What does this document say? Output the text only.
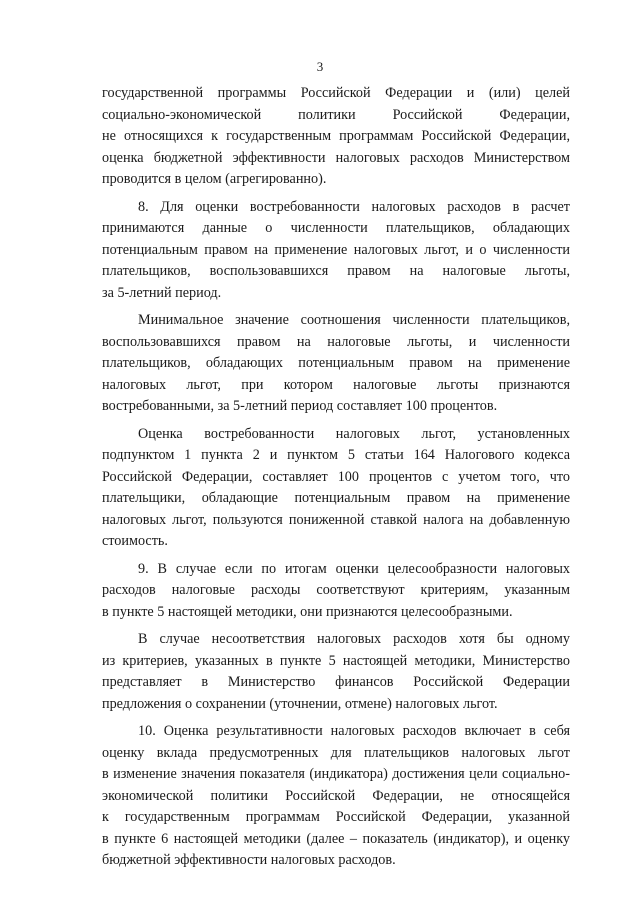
3
государственной программы Российской Федерации и (или) целей
социально-экономической политики Российской Федерации,
не относящихся к государственным программам Российской Федерации,
оценка бюджетной эффективности налоговых расходов Министерством
проводится в целом (агрегированно).
8. Для оценки востребованности налоговых расходов в расчет
принимаются данные о численности плательщиков, обладающих
потенциальным правом на применение налоговых льгот, и о численности
плательщиков, воспользовавшихся правом на налоговые льготы,
за 5-летний период.
Минимальное значение соотношения численности плательщиков,
воспользовавшихся правом на налоговые льготы, и численности
плательщиков, обладающих потенциальным правом на применение
налоговых льгот, при котором налоговые льготы признаются
востребованными, за 5-летний период составляет 100 процентов.
Оценка востребованности налоговых льгот, установленных
подпунктом 1 пункта 2 и пунктом 5 статьи 164 Налогового кодекса
Российской Федерации, составляет 100 процентов с учетом того, что
плательщики, обладающие потенциальным правом на применение
налоговых льгот, пользуются пониженной ставкой налога на добавленную
стоимость.
9. В случае если по итогам оценки целесообразности налоговых
расходов налоговые расходы соответствуют критериям, указанным
в пункте 5 настоящей методики, они признаются целесообразными.
В случае несоответствия налоговых расходов хотя бы одному
из критериев, указанных в пункте 5 настоящей методики, Министерство
представляет в Министерство финансов Российской Федерации
предложения о сохранении (уточнении, отмене) налоговых льгот.
10. Оценка результативности налоговых расходов включает в себя
оценку вклада предусмотренных для плательщиков налоговых льгот
в изменение значения показателя (индикатора) достижения цели социально-
экономической политики Российской Федерации, не относящейся
к государственным программам Российской Федерации, указанной
в пункте 6 настоящей методики (далее – показатель (индикатор), и оценку
бюджетной эффективности налоговых расходов.
